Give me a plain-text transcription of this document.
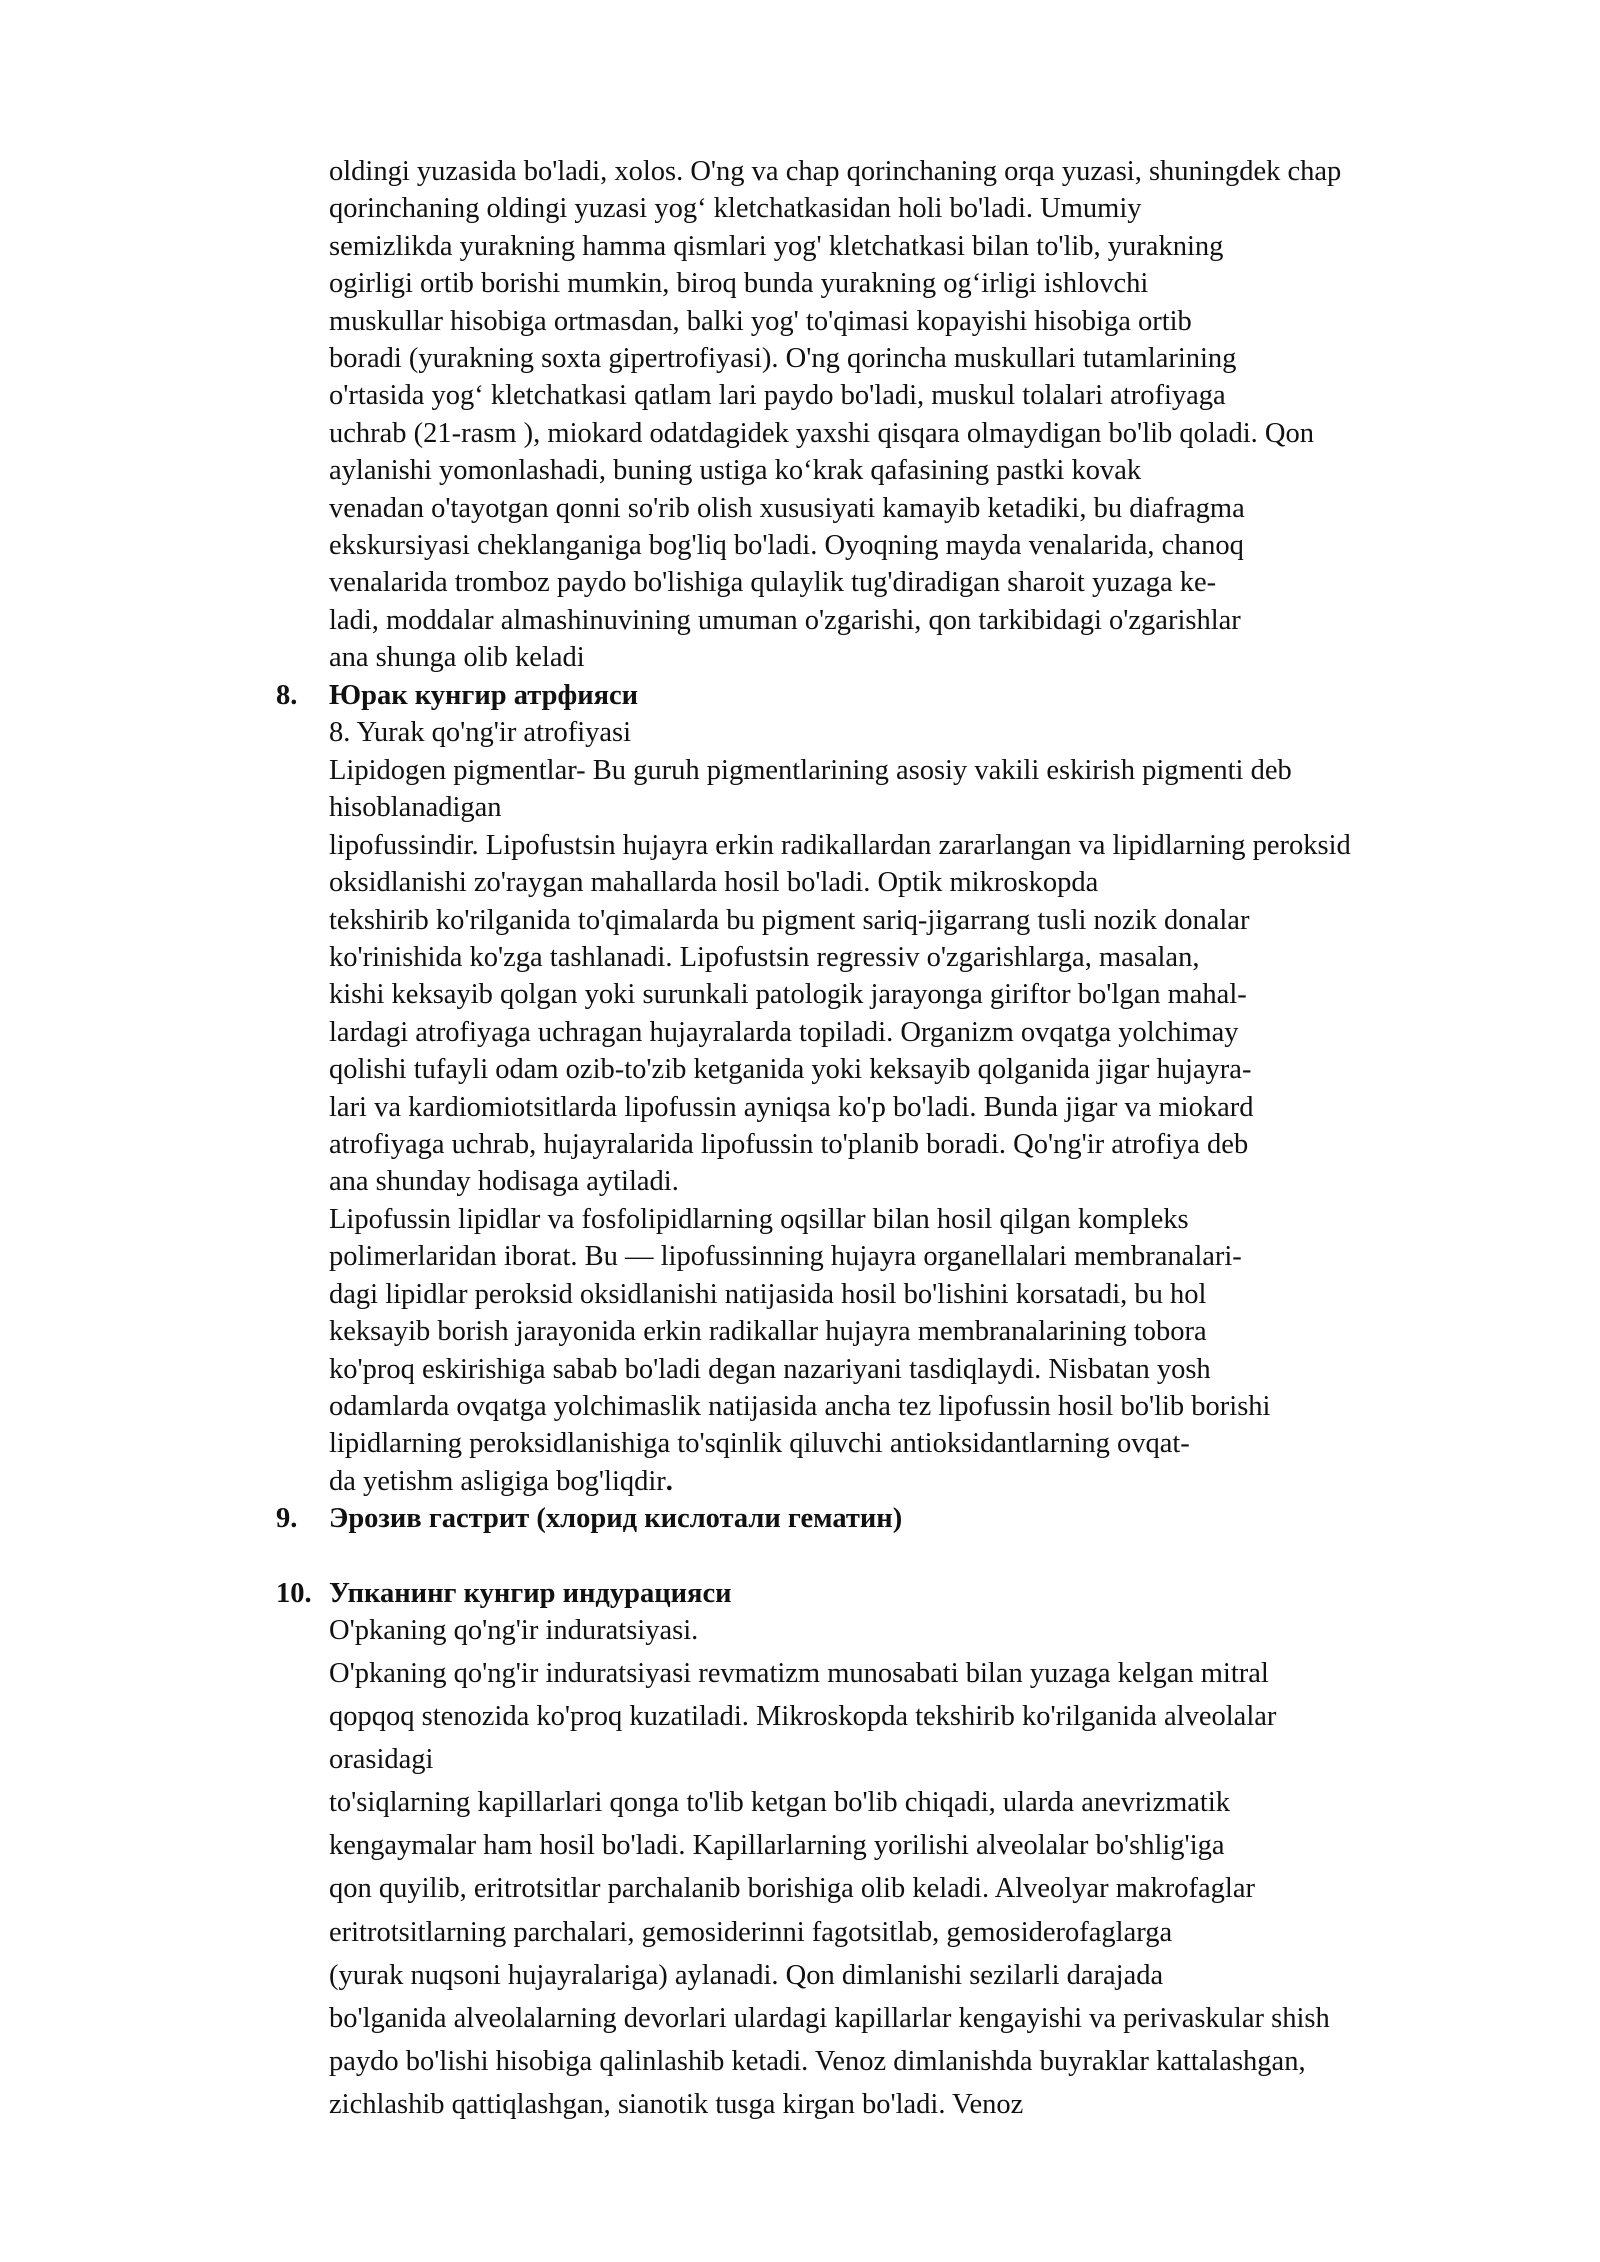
oldingi yuzasida bo'ladi, xolos. O'ng va chap qorinchaning orqa yuzasi, shuningdek chap
qorinchaning oldingi yuzasi yog‘ kletchatkasidan holi bo'ladi. Umumiy
semizlikda yurakning hamma qismlari yog' kletchatkasi bilan to'lib, yurakning
ogirligi ortib borishi mumkin, biroq bunda yurakning og‘irligi ishlovchi
muskullar hisobiga ortmasdan, balki yog' to'qimasi kopayishi hisobiga ortib
boradi (yurakning soxta gipertrofiyasi). O'ng qorincha muskullari tutamlarining
o'rtasida yog‘ kletchatkasi qatlam lari paydo bo'ladi, muskul tolalari atrofiyaga
uchrab (21-rasm ), miokard odatdagidek yaxshi qisqara olmaydigan bo'lib qoladi. Qon
aylanishi yomonlashadi, buning ustiga ko‘krak qafasining pastki kovak
venadan o'tayotgan qonni so'rib olish xususiyati kamayib ketadiki, bu diafragma
ekskursiyasi cheklanganiga bog'liq bo'ladi. Oyoqning mayda venalarida, chanoq
venalarida tromboz paydo bo'lishiga qulaylik tug'diradigan sharoit yuzaga ke-
ladi, moddalar almashinuvining umuman o'zgarishi, qon tarkibidagi o'zgarishlar
ana shunga olib keladi
8. Юрак кунгир атрфияси
8. Yurak qo'ng'ir atrofiyasi
Lipidogen pigmentlar- Bu guruh pigmentlarining asosiy vakili eskirish pigmenti deb
hisoblanadigan
lipofussindir. Lipofustsin hujayra erkin radikallardan zararlangan va lipidlarning peroksid
oksidlanishi zo'raygan mahallarda hosil bo'ladi. Optik mikroskopda
tekshirib ko'rilganida to'qimalarda bu pigment sariq-jigarrang tusli nozik donalar
ko'rinishida ko'zga tashlanadi. Lipofustsin regressiv o'zgarishlarga, masalan,
kishi keksayib qolgan yoki surunkali patologik jarayonga giriftor bo'lgan mahal-
lardagi atrofiyaga uchragan hujayralarda topiladi. Organizm ovqatga yolchimay
qolishi tufayli odam ozib-to'zib ketganida yoki keksayib qolganida jigar hujayra-
lari va kardiomiotsitlarda lipofussin ayniqsa ko'p bo'ladi. Bunda jigar va miokard
atrofiyaga uchrab, hujayralarida lipofussin to'planib boradi. Qo'ng'ir atrofiya deb
ana shunday hodisaga aytiladi.
Lipofussin lipidlar va fosfolipidlarning oqsillar bilan hosil qilgan kompleks
polimerlaridan iborat. Bu — lipofussinning hujayra organellalari membranalari-
dagi lipidlar peroksid oksidlanishi natijasida hosil bo'lishini korsatadi, bu hol
keksayib borish jarayonida erkin radikallar hujayra membranalarining tobora
ko'proq eskirishiga sabab bo'ladi degan nazariyani tasdiqlaydi. Nisbatan yosh
odamlarda ovqatga yolchimaslik natijasida ancha tez lipofussin hosil bo'lib borishi
lipidlarning peroksidlanishiga to'sqinlik qiluvchi antioksidantlarning ovqat-
da yetishm asligiga bog'liqdir.
9. Эрозив гастрит (хлорид кислотали гематин)
10. Упканинг кунгир индурацияси
O'pkaning qo'ng'ir induratsiyasi.
O'pkaning qo'ng'ir induratsiyasi revmatizm munosabati bilan yuzaga kelgan mitral
qopqoq stenozida ko'proq kuzatiladi. Mikroskopda tekshirib ko'rilganida alveolalar
orasidagi
to'siqlarning kapillarlari qonga to'lib ketgan bo'lib chiqadi, ularda anevrizmatik
kengaymalar ham hosil bo'ladi. Kapillarlarning yorilishi alveolalar bo'shlig'iga
qon quyilib, eritrotsitlar parchalanib borishiga olib keladi. Alveolyar makrofaglar
eritrotsitlarning parchalari, gemosiderinni fagotsitlab, gemosiderofaglarga
(yurak nuqsoni hujayralariga) aylanadi. Qon dimlanishi sezilarli darajada
bo'lganida alveolalarning devorlari ulardagi kapillarlar kengayishi va perivaskular shish
paydo bo'lishi hisobiga qalinlashib ketadi. Venoz dimlanishda buyraklar kattalashgan,
zichlashib qattiqlashgan, sianotik tusga kirgan bo'ladi. Venoz
